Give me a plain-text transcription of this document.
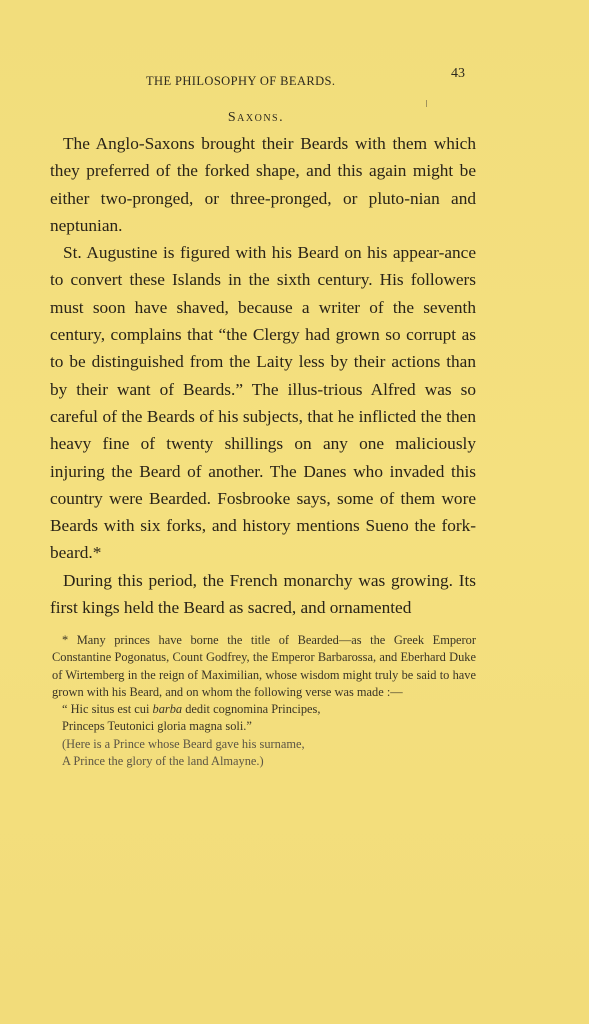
THE PHILOSOPHY OF BEARDS.	43
Saxons.

The Anglo-Saxons brought their Beards with them which they preferred of the forked shape, and this again might be either two-pronged, or three-pronged, or pluto-nian and neptunian.

St. Augustine is figured with his Beard on his appear-ance to convert these Islands in the sixth century. His followers must soon have shaved, because a writer of the seventh century, complains that “the Clergy had grown so corrupt as to be distinguished from the Laity less by their actions than by their want of Beards.” The illus-trious Alfred was so careful of the Beards of his subjects, that he inflicted the then heavy fine of twenty shillings on any one maliciously injuring the Beard of another. The Danes who invaded this country were Bearded. Fosbrooke says, some of them wore Beards with six forks, and history mentions Sueno the fork-beard.*

During this period, the French monarchy was growing. Its first kings held the Beard as sacred, and ornamented

* Many princes have borne the title of Bearded—as the Greek Emperor Constantine Pogonatus, Count Godfrey, the Emperor Barbarossa, and Eberhard Duke of Wirtemberg in the reign of Maximilian, whose wisdom might truly be said to have grown with his Beard, and on whom the following verse was made :—

“ Hic situs est cui barba dedit cognomina Principes,
Princeps Teutonici gloria magna soli.”

(Here is a Prince whose Beard gave his surname,
A Prince the glory of the land Almayne.)
